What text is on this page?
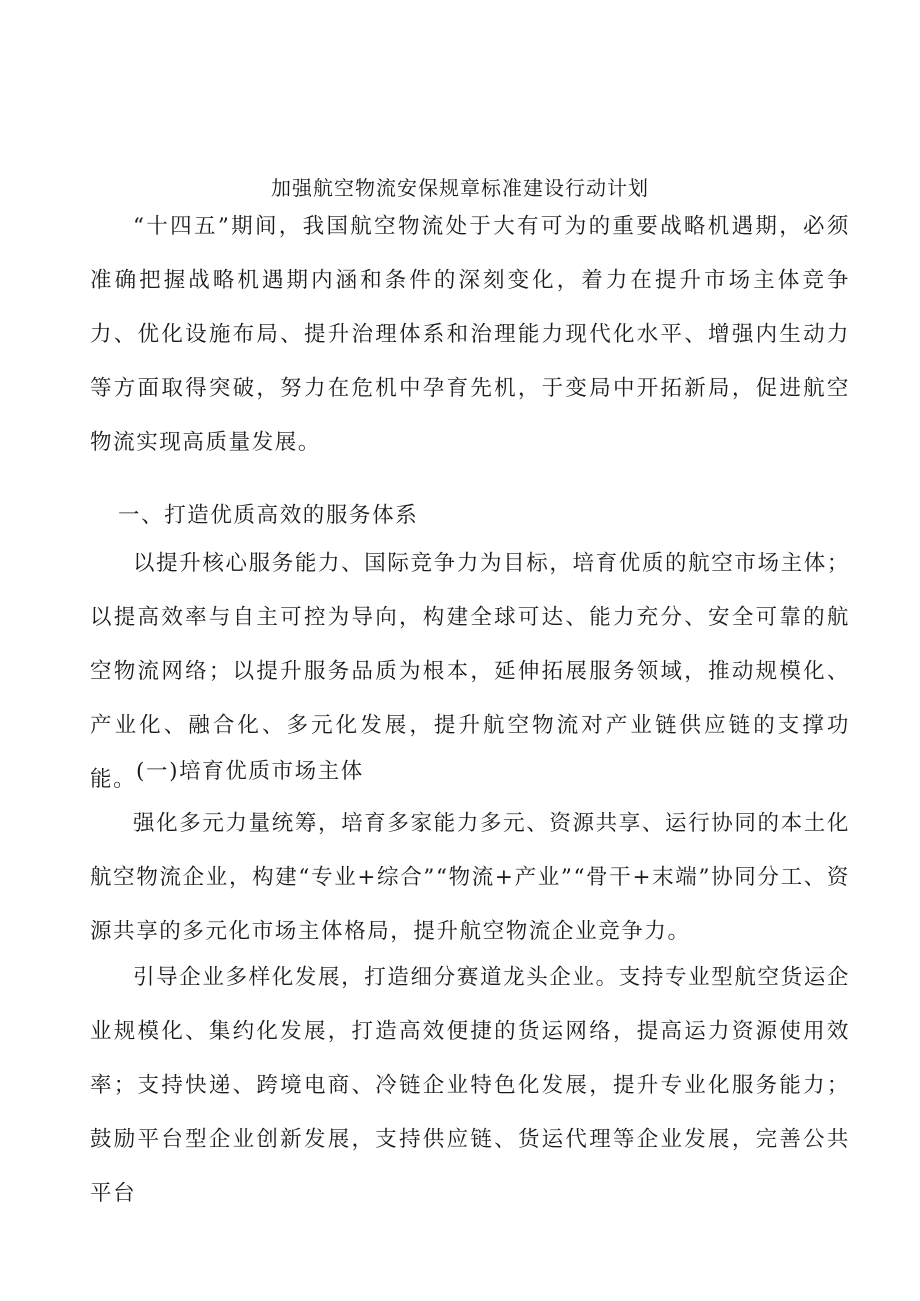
加强航空物流安保规章标准建设行动计划

“十四五”期间，我国航空物流处于大有可为的重要战略机遇期，必须准确把握战略机遇期内涵和条件的深刻变化，着力在提升市场主体竞争力、优化设施布局、提升治理体系和治理能力现代化水平、增强内生动力等方面取得突破，努力在危机中孕育先机，于变局中开拓新局，促进航空物流实现高质量发展。

一、打造优质高效的服务体系

以提升核心服务能力、国际竞争力为目标，培育优质的航空市场主体；以提高效率与自主可控为导向，构建全球可达、能力充分、安全可靠的航空物流网络；以提升服务品质为根本，延伸拓展服务领域，推动规模化、产业化、融合化、多元化发展，提升航空物流对产业链供应链的支撑功能。 (一)培育优质市场主体

强化多元力量统筹，培育多家能力多元、资源共享、运行协同的本土化航空物流企业，构建“专业+综合”“物流+产业”“骨干+末端”协同分工、资源共享的多元化市场主体格局，提升航空物流企业竞争力。

引导企业多样化发展，打造细分赛道龙头企业。支持专业型航空货运企业规模化、集约化发展，打造高效便捷的货运网络，提高运力资源使用效率；支持快递、跨境电商、冷链企业特色化发展，提升专业化服务能力；鼓励平台型企业创新发展，支持供应链、货运代理等企业发展，完善公共平台
